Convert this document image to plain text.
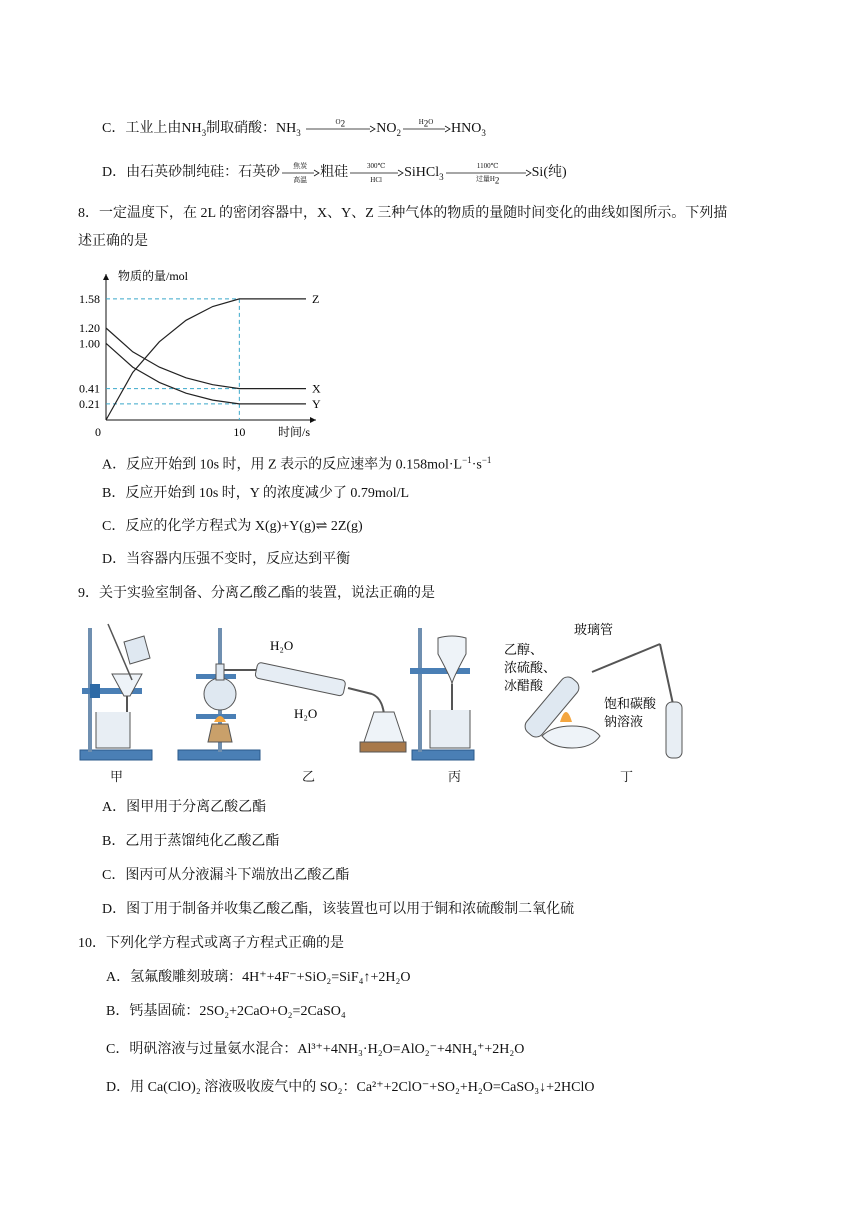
C．工业上由$NH_3$制取硝酸：$NH_3$
$O_2$	$NO_2$
$H_2O$	$HNO_3$
D．由石英砂制纯硅：石英砂	焦炭
高温 粗硅	300℃
HCl	SiHCl$_3$
1100℃
过量$H_2$	Si(纯)
8．一定温度下，在 2L 的密闭容器中，X、Y、Z 三种气体的物质的量随时间变化的曲线如图所示。下列描
述正确的是
物质的量/mol
时间/s
0.21
0.41
1.00
1.20
1.58
0	10
Z
X
Y
A．反应开始到 10s 时，用 Z 表示的反应速率为 $0.158mol\cdot L^{-1}\cdot s^{-1}$
B．反应开始到 10s 时，Y 的浓度减少了 0.79mol/L
C．反应的化学方程式为 X(g)+Y(g)⇌ 2Z(g)
D．当容器内压强不变时，反应达到平衡
9．关于实验室制备、分离乙酸乙酯的装置，说法正确的是
H₂O
H₂O
玻璃管
乙醇、
浓硫酸、
冰醋酸
饱和碳酸
钠溶液
甲	乙	丙	丁
A．图甲用于分离乙酸乙酯
B．乙用于蒸馏纯化乙酸乙酯
C．图丙可从分液漏斗下端放出乙酸乙酯
D．图丁用于制备并收集乙酸乙酯，该装置也可以用于铜和浓硫酸制二氧化硫
10．下列化学方程式或离子方程式正确的是
A．氢氟酸雕刻玻璃：4H⁺+4F⁻+SiO₂=SiF₄↑+2H₂O
B．钙基固硫：2SO₂+2CaO+O₂=2CaSO₄
C．明矾溶液与过量氨水混合：Al³⁺+4NH₃·H₂O=AlO₂⁻+4NH₄⁺+2H₂O
D．用 Ca(ClO)₂ 溶液吸收废气中的 SO₂：Ca²⁺+2ClO⁻+SO₂+H₂O=CaSO₃↓+2HClO
